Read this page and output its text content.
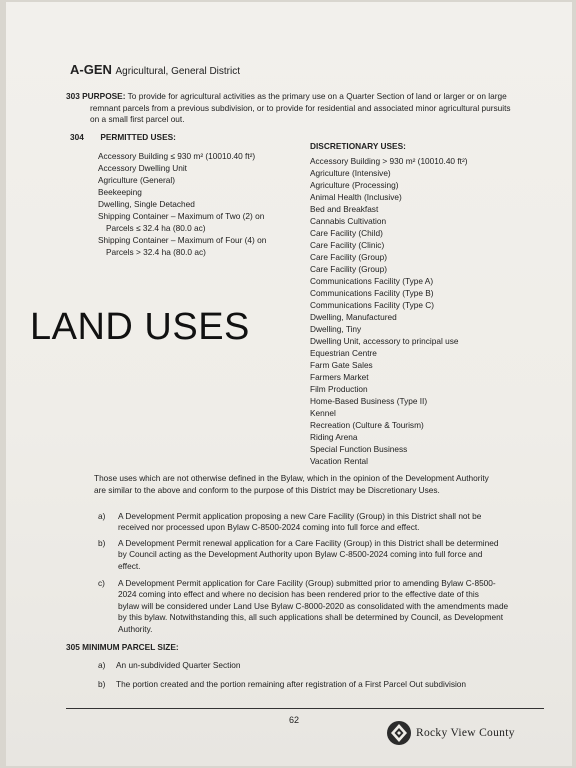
A-GEN Agricultural, General District
303 PURPOSE: To provide for agricultural activities as the primary use on a Quarter Section of land or larger or on large
remnant parcels from a previous subdivision, or to provide for residential and associated minor agricultural pursuits
on a small first parcel out.
304 PERMITTED USES:
Accessory Building ≤ 930 m² (10010.40 ft²)
Accessory Dwelling Unit
Agriculture (General)
Beekeeping
Dwelling, Single Detached
Shipping Container – Maximum of Two (2) on
Parcels ≤ 32.4 ha (80.0 ac)
Shipping Container – Maximum of Four (4) on
Parcels > 32.4 ha (80.0 ac)
DISCRETIONARY USES:
Accessory Building > 930 m² (10010.40 ft²)
Agriculture (Intensive)
Agriculture (Processing)
Animal Health (Inclusive)
Bed and Breakfast
Cannabis Cultivation
Care Facility (Child)
Care Facility (Clinic)
Care Facility (Group)
Care Facility (Group)
Communications Facility (Type A)
Communications Facility (Type B)
Communications Facility (Type C)
Dwelling, Manufactured
Dwelling, Tiny
Dwelling Unit, accessory to principal use
Equestrian Centre
Farm Gate Sales
Farmers Market
Film Production
Home-Based Business (Type II)
Kennel
Recreation (Culture & Tourism)
Riding Arena
Special Function Business
Vacation Rental
LAND USES
Those uses which are not otherwise defined in the Bylaw, which in the opinion of the Development Authority
are similar to the above and conform to the purpose of this District may be Discretionary Uses.
a)	A Development Permit application proposing a new Care Facility (Group) in this District shall not be
received nor processed upon Bylaw C-8500-2024 coming into full force and effect.
b)	A Development Permit renewal application for a Care Facility (Group) in this District shall be determined
by Council acting as the Development Authority upon Bylaw C-8500-2024 coming into full force and
effect.
c)	A Development Permit application for Care Facility (Group) submitted prior to amending Bylaw C-8500-
2024 coming into effect and where no decision has been rendered prior to the effective date of this
bylaw will be considered under Land Use Bylaw C-8000-2020 as consolidated with the amendments made
by this bylaw. Notwithstanding this, all such applications shall be determined by Council, as Development
Authority.
305 MINIMUM PARCEL SIZE:
a) An un-subdivided Quarter Section
b) The portion created and the portion remaining after registration of a First Parcel Out subdivision
62
Rocky View County
